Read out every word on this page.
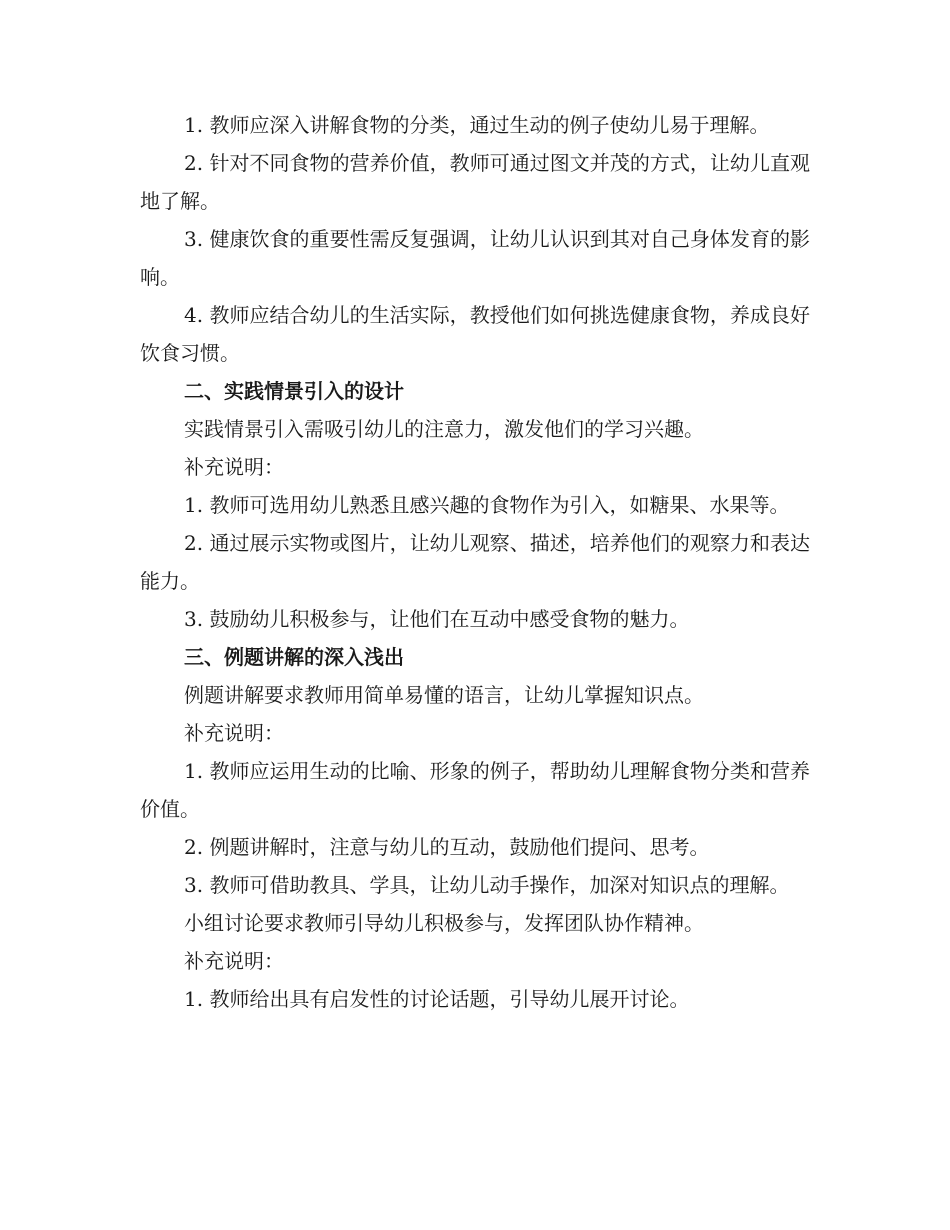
1. 教师应深入讲解食物的分类，通过生动的例子使幼儿易于理解。

2. 针对不同食物的营养价值，教师可通过图文并茂的方式，让幼儿直观地了解。

3. 健康饮食的重要性需反复强调，让幼儿认识到其对自己身体发育的影响。

4. 教师应结合幼儿的生活实际，教授他们如何挑选健康食物，养成良好饮食习惯。

二、实践情景引入的设计

实践情景引入需吸引幼儿的注意力，激发他们的学习兴趣。

补充说明：

1. 教师可选用幼儿熟悉且感兴趣的食物作为引入，如糖果、水果等。

2. 通过展示实物或图片，让幼儿观察、描述，培养他们的观察力和表达能力。

3. 鼓励幼儿积极参与，让他们在互动中感受食物的魅力。

三、例题讲解的深入浅出

例题讲解要求教师用简单易懂的语言，让幼儿掌握知识点。

补充说明：

1. 教师应运用生动的比喻、形象的例子，帮助幼儿理解食物分类和营养价值。

2. 例题讲解时，注意与幼儿的互动，鼓励他们提问、思考。

3. 教师可借助教具、学具，让幼儿动手操作，加深对知识点的理解。

小组讨论要求教师引导幼儿积极参与，发挥团队协作精神。

补充说明：

1. 教师给出具有启发性的讨论话题，引导幼儿展开讨论。
